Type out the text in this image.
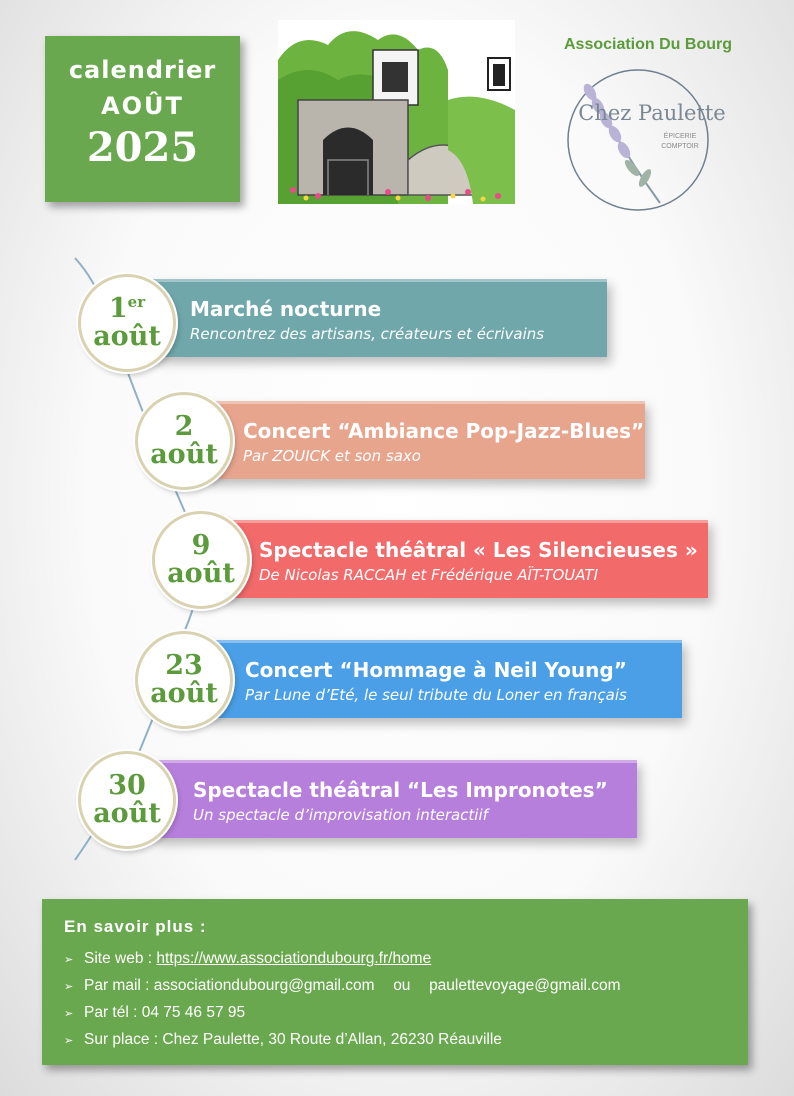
calendrier
AOÛT
2025
Association Du Bourg
Chez Paulette
ÉPICERIE
COMPTOIR
Marché nocturne
Rencontrez des artisans, créateurs et écrivains
1er
août
Concert “Ambiance Pop-Jazz-Blues”
Par ZOUICK et son saxo
2
août
Spectacle théâtral « Les Silencieuses »
De Nicolas RACCAH et Frédérique AÏT-TOUATI
9
août
Concert “Hommage à Neil Young”
Par Lune d’Eté, le seul tribute du Loner en français
23
août
Spectacle théâtral “Les Impronotes”
Un spectacle d’improvisation interactiif
30
août
En savoir plus :
➢ Site web : https://www.associationdubourg.fr/home
➢ Par mail : associationdubourg@gmail.com ou paulettevoyage@gmail.com
➢ Par tél : 04 75 46 57 95
➢ Sur place : Chez Paulette, 30 Route d’Allan, 26230 Réauville
